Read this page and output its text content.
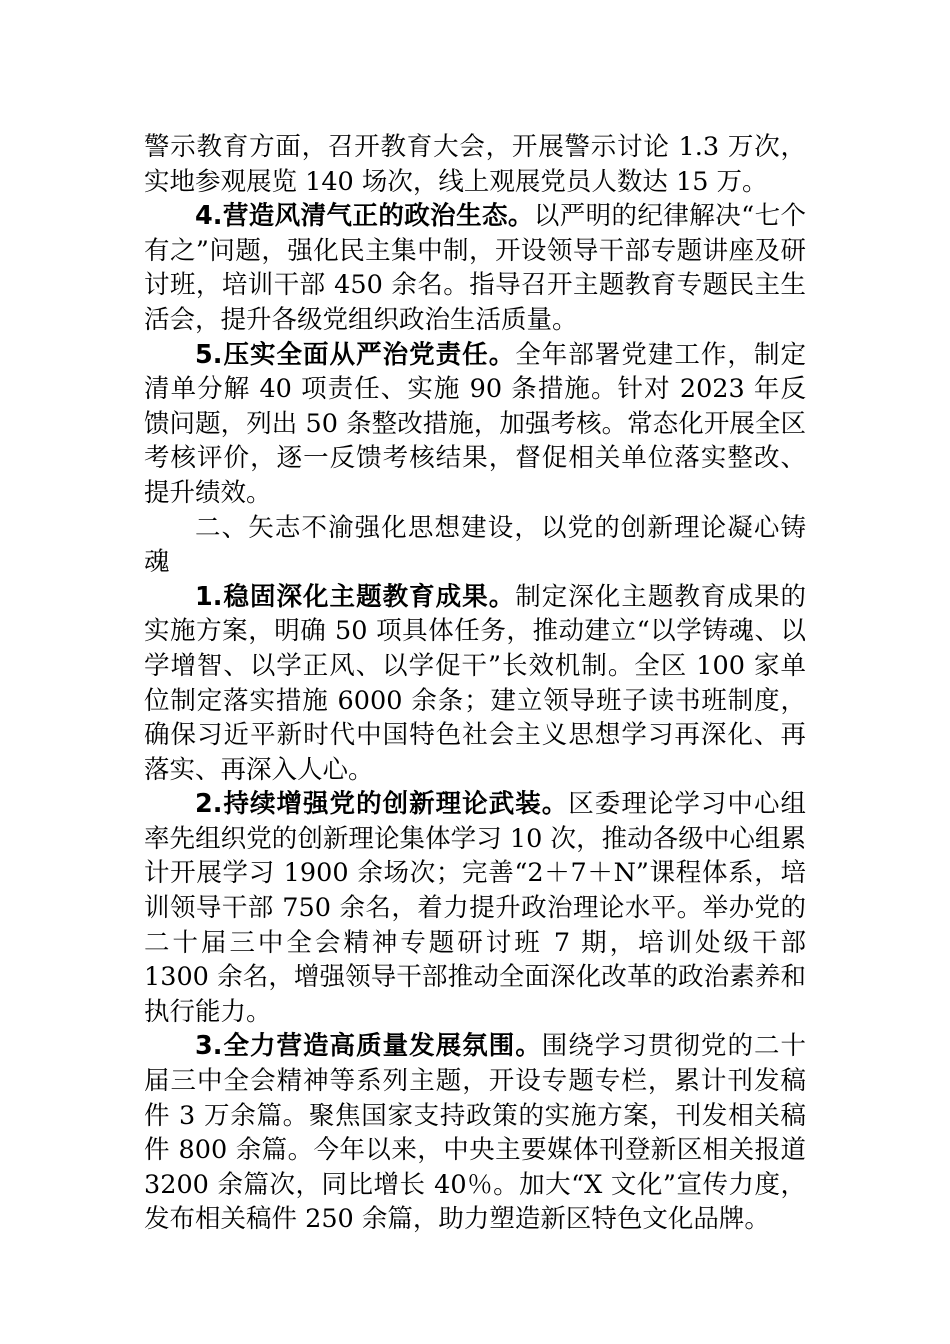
警示教育方面，召开教育大会，开展警示讨论 1.3 万次，实地参观展览 140 场次，线上观展党员人数达 15 万。

4.营造风清气正的政治生态。以严明的纪律解决“七个有之”问题，强化民主集中制，开设领导干部专题讲座及研讨班，培训干部 450 余名。指导召开主题教育专题民主生活会，提升各级党组织政治生活质量。

5.压实全面从严治党责任。全年部署党建工作，制定清单分解 40 项责任、实施 90 条措施。针对 2023 年反馈问题，列出 50 条整改措施，加强考核。常态化开展全区考核评价，逐一反馈考核结果，督促相关单位落实整改、提升绩效。

二、矢志不渝强化思想建设，以党的创新理论凝心铸魂

1.稳固深化主题教育成果。制定深化主题教育成果的实施方案，明确 50 项具体任务，推动建立“以学铸魂、以学增智、以学正风、以学促干”长效机制。全区 100 家单位制定落实措施 6000 余条；建立领导班子读书班制度，确保习近平新时代中国特色社会主义思想学习再深化、再落实、再深入人心。

2.持续增强党的创新理论武装。区委理论学习中心组率先组织党的创新理论集体学习 10 次，推动各级中心组累计开展学习 1900 余场次；完善“2＋7＋N”课程体系，培训领导干部 750 余名，着力提升政治理论水平。举办党的二十届三中全会精神专题研讨班 7 期，培训处级干部 1300 余名，增强领导干部推动全面深化改革的政治素养和执行能力。

3.全力营造高质量发展氛围。围绕学习贯彻党的二十届三中全会精神等系列主题，开设专题专栏，累计刊发稿件 3 万余篇。聚焦国家支持政策的实施方案，刊发相关稿件 800 余篇。今年以来，中央主要媒体刊登新区相关报道 3200 余篇次，同比增长 40％。加大“X 文化”宣传力度，发布相关稿件 250 余篇，助力塑造新区特色文化品牌。
